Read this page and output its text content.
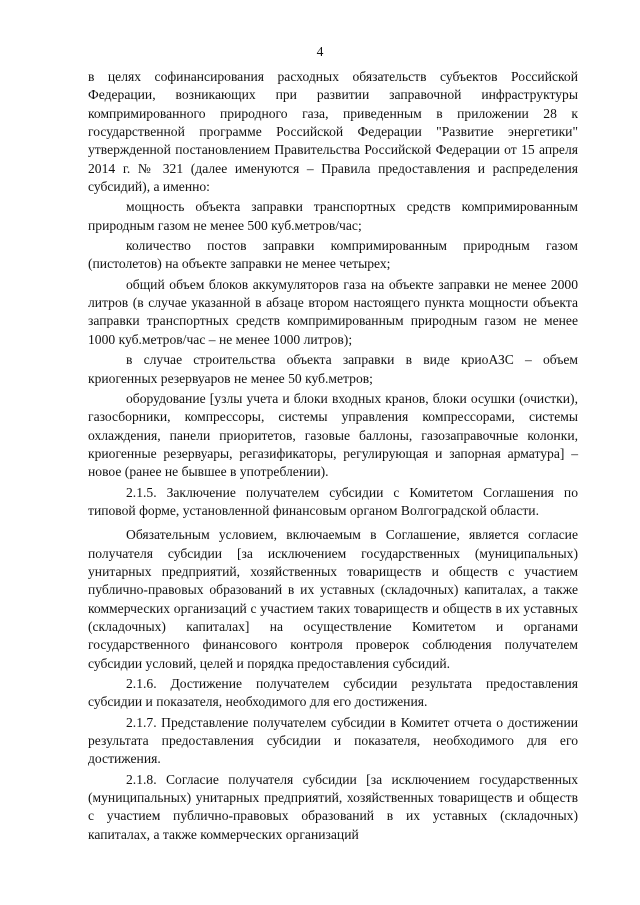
4

в целях софинансирования расходных обязательств субъектов Российской Федерации, возникающих при развитии заправочной инфраструктуры компримированного природного газа, приведенным в приложении 28 к государственной программе Российской Федерации "Развитие энергетики" утвержденной постановлением Правительства Российской Федерации от 15 апреля 2014 г. № 321 (далее именуются – Правила предоставления и распределения субсидий), а именно:

мощность объекта заправки транспортных средств компримированным природным газом не менее 500 куб.метров/час;

количество постов заправки компримированным природным газом (пистолетов) на объекте заправки не менее четырех;

общий объем блоков аккумуляторов газа на объекте заправки не менее 2000 литров (в случае указанной в абзаце втором настоящего пункта мощности объекта заправки транспортных средств компримированным природным газом не менее 1000 куб.метров/час – не менее 1000 литров);

в случае строительства объекта заправки в виде криоАЗС – объем криогенных резервуаров не менее 50 куб.метров;

оборудование [узлы учета и блоки входных кранов, блоки осушки (очистки), газосборники, компрессоры, системы управления компрессорами, системы охлаждения, панели приоритетов, газовые баллоны, газозаправочные колонки, криогенные резервуары, регазификаторы, регулирующая и запорная арматура] – новое (ранее не бывшее в употреблении).

2.1.5. Заключение получателем субсидии с Комитетом Соглашения по типовой форме, установленной финансовым органом Волгоградской области.

Обязательным условием, включаемым в Соглашение, является согласие получателя субсидии [за исключением государственных (муниципальных) унитарных предприятий, хозяйственных товариществ и обществ с участием публично-правовых образований в их уставных (складочных) капиталах, а также коммерческих организаций с участием таких товариществ и обществ в их уставных (складочных) капиталах] на осуществление Комитетом и органами государственного финансового контроля проверок соблюдения получателем субсидии условий, целей и порядка предоставления субсидий.

2.1.6. Достижение получателем субсидии результата предоставления субсидии и показателя, необходимого для его достижения.

2.1.7. Представление получателем субсидии в Комитет отчета о достижении результата предоставления субсидии и показателя, необходимого для его достижения.

2.1.8. Согласие получателя субсидии [за исключением государственных (муниципальных) унитарных предприятий, хозяйственных товариществ и обществ с участием публично-правовых образований в их уставных (складочных) капиталах, а также коммерческих организаций
